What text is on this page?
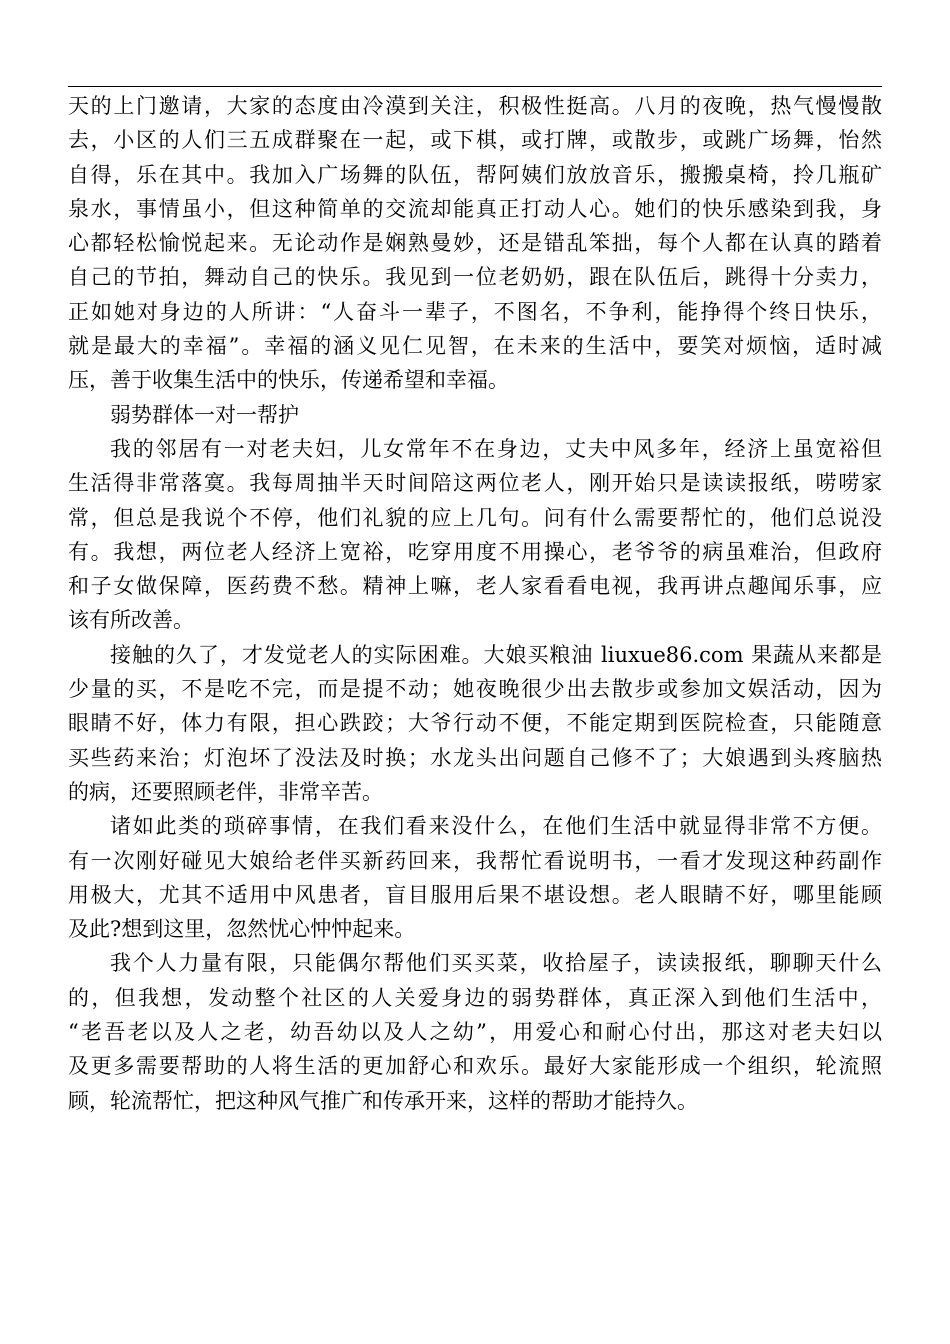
天的上门邀请，大家的态度由冷漠到关注，积极性挺高。八月的夜晚，热气慢慢散
去，小区的人们三五成群聚在一起，或下棋，或打牌，或散步，或跳广场舞，怡然
自得，乐在其中。我加入广场舞的队伍，帮阿姨们放放音乐，搬搬桌椅，拎几瓶矿
泉水，事情虽小，但这种简单的交流却能真正打动人心。她们的快乐感染到我，身
心都轻松愉悦起来。无论动作是娴熟曼妙，还是错乱笨拙，每个人都在认真的踏着
自己的节拍，舞动自己的快乐。我见到一位老奶奶，跟在队伍后，跳得十分卖力，
正如她对身边的人所讲：“人奋斗一辈子，不图名，不争利，能挣得个终日快乐，
就是最大的幸福”。幸福的涵义见仁见智，在未来的生活中，要笑对烦恼，适时减
压，善于收集生活中的快乐，传递希望和幸福。
弱势群体一对一帮护
我的邻居有一对老夫妇，儿女常年不在身边，丈夫中风多年，经济上虽宽裕但
生活得非常落寞。我每周抽半天时间陪这两位老人，刚开始只是读读报纸，唠唠家
常，但总是我说个不停，他们礼貌的应上几句。问有什么需要帮忙的，他们总说没
有。我想，两位老人经济上宽裕，吃穿用度不用操心，老爷爷的病虽难治，但政府
和子女做保障，医药费不愁。精神上嘛，老人家看看电视，我再讲点趣闻乐事，应
该有所改善。
接触的久了，才发觉老人的实际困难。大娘买粮油 liuxue86.com 果蔬从来都是
少量的买，不是吃不完，而是提不动；她夜晚很少出去散步或参加文娱活动，因为
眼睛不好，体力有限，担心跌跤；大爷行动不便，不能定期到医院检查，只能随意
买些药来治；灯泡坏了没法及时换；水龙头出问题自己修不了；大娘遇到头疼脑热
的病，还要照顾老伴，非常辛苦。
诸如此类的琐碎事情，在我们看来没什么，在他们生活中就显得非常不方便。
有一次刚好碰见大娘给老伴买新药回来，我帮忙看说明书，一看才发现这种药副作
用极大，尤其不适用中风患者，盲目服用后果不堪设想。老人眼睛不好，哪里能顾
及此?想到这里，忽然忧心忡忡起来。
我个人力量有限，只能偶尔帮他们买买菜，收拾屋子，读读报纸，聊聊天什么
的，但我想，发动整个社区的人关爱身边的弱势群体，真正深入到他们生活中，
“老吾老以及人之老，幼吾幼以及人之幼”，用爱心和耐心付出，那这对老夫妇以
及更多需要帮助的人将生活的更加舒心和欢乐。最好大家能形成一个组织，轮流照
顾，轮流帮忙，把这种风气推广和传承开来，这样的帮助才能持久。
